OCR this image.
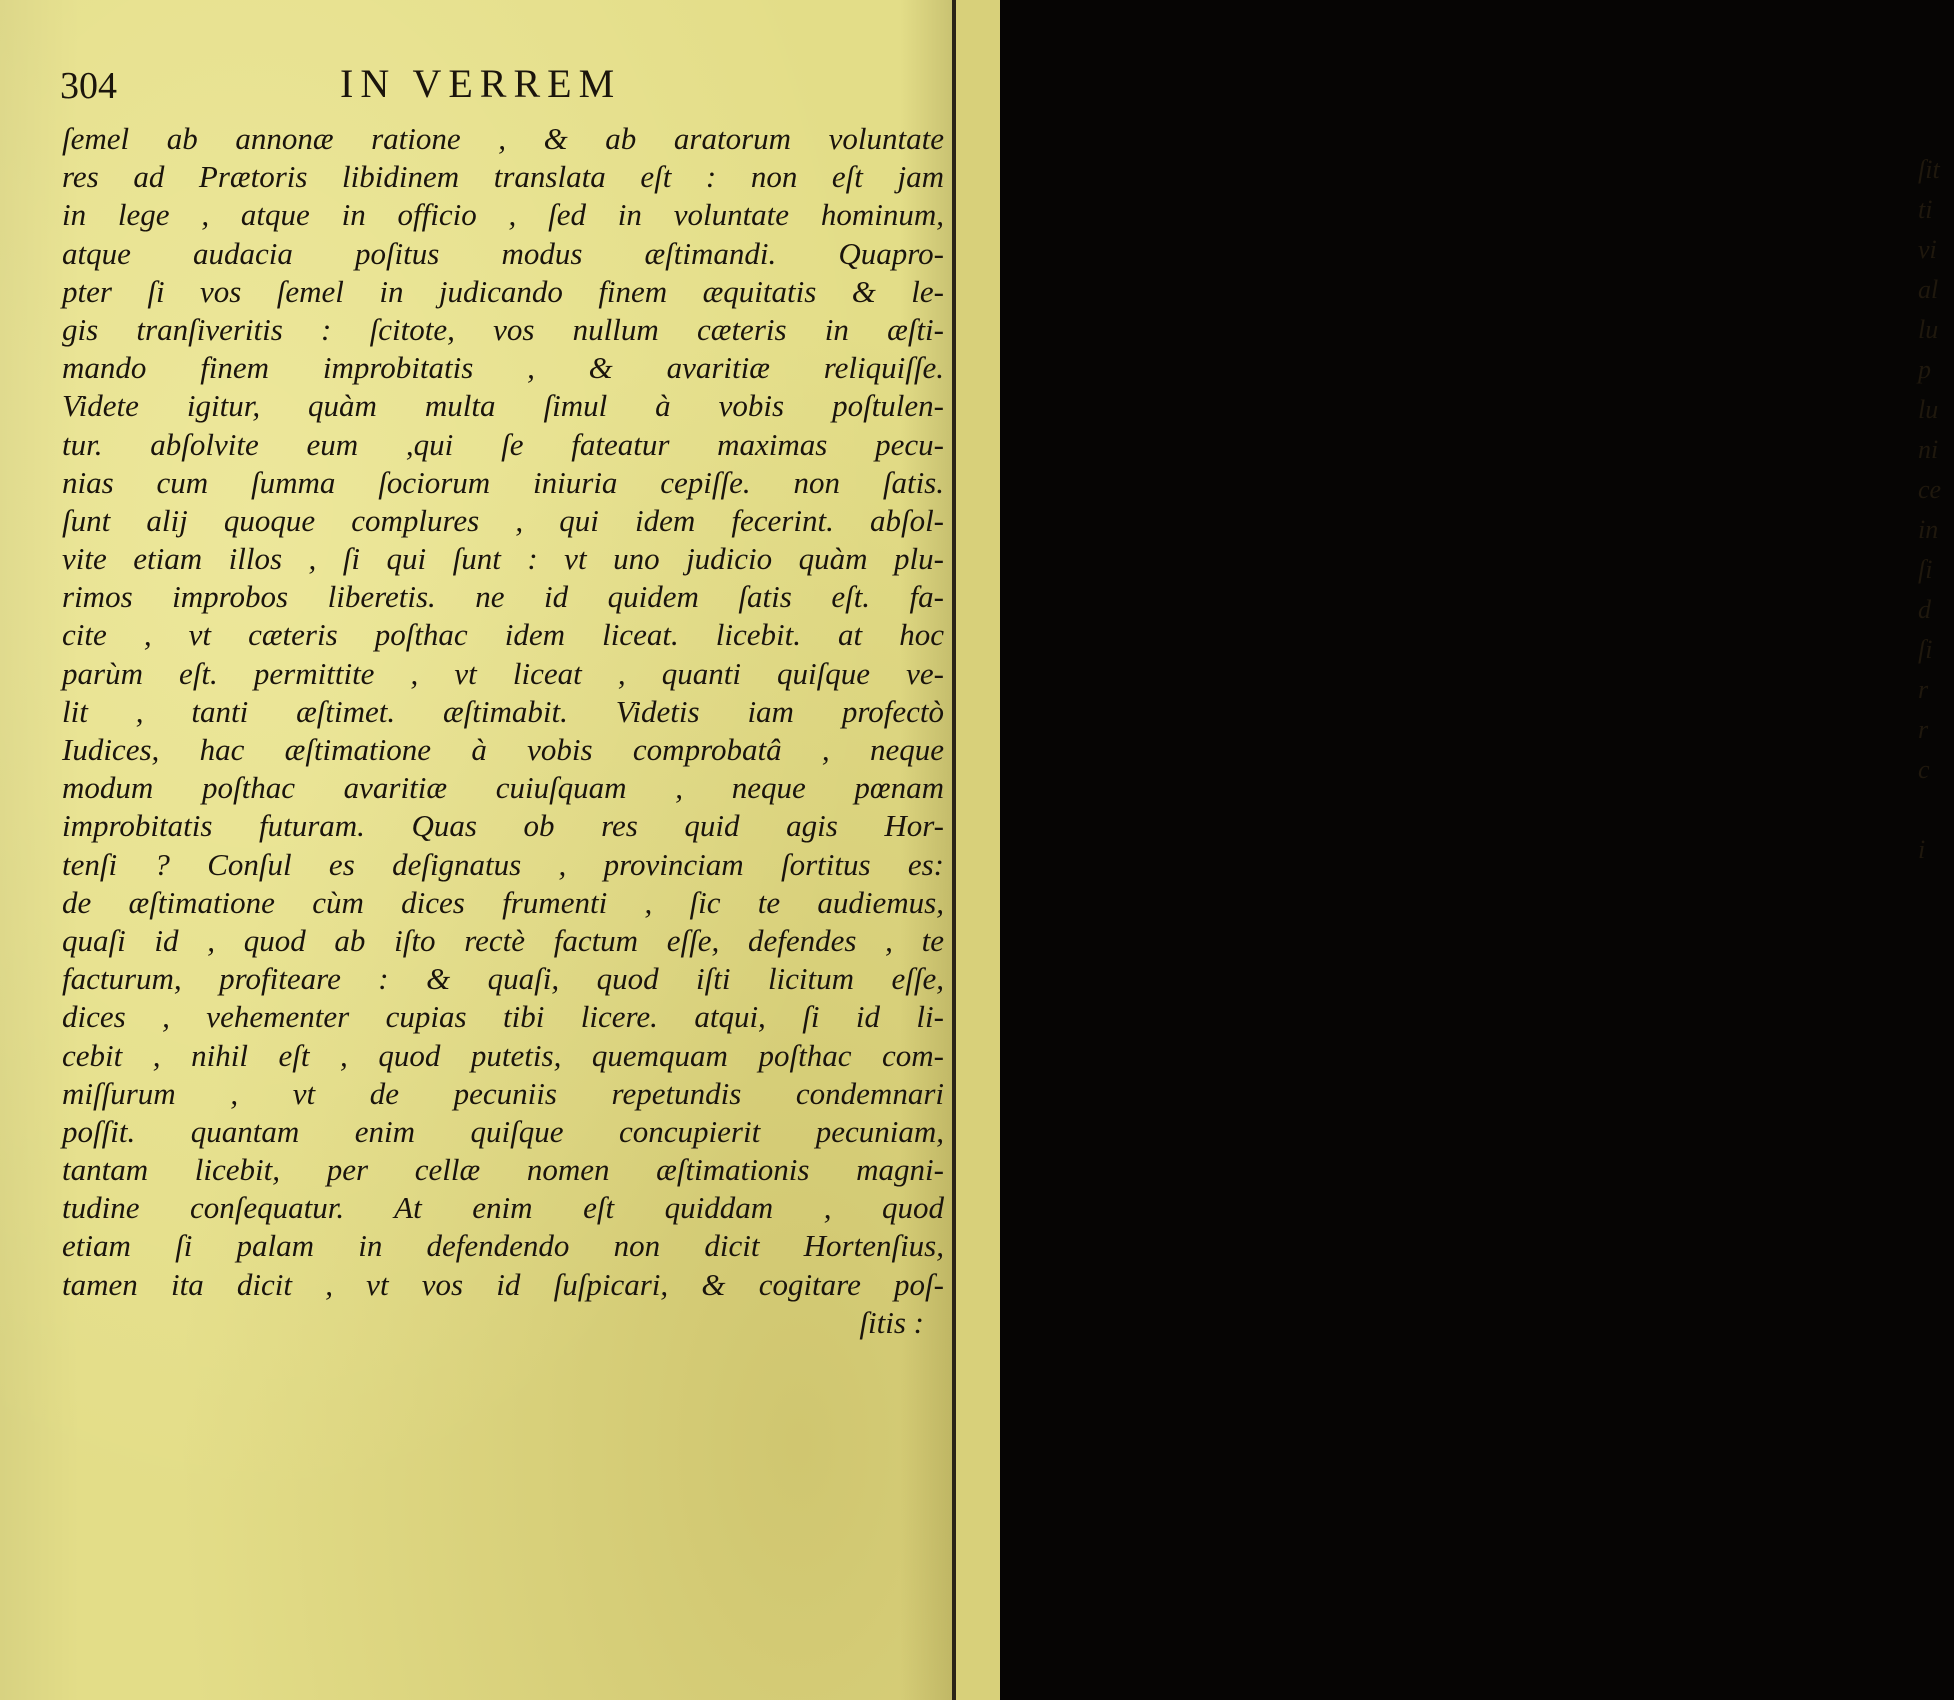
ſit
ti
vi
al
lu
p
lu
ni
ce
in
ſi
d
ſi
r
r
c
i
304	IN VERREM
ſemel ab annonæ ratione , & ab aratorum voluntate
res ad Prætoris libidinem translata eſt : non eſt jam
in lege , atque in officio , ſed in voluntate hominum,
atque audacia poſitus modus æſtimandi. Quapro-
pter ſi vos ſemel in judicando finem æquitatis & le-
gis tranſiveritis : ſcitote, vos nullum cæteris in æſti-
mando finem improbitatis , & avaritiæ reliquiſſe.
Videte igitur, quàm multa ſimul à vobis poſtulen-
tur. abſolvite eum ,qui ſe fateatur maximas pecu-
nias cum ſumma ſociorum iniuria cepiſſe. non ſatis.
ſunt alij quoque complures , qui idem fecerint. abſol-
vite etiam illos , ſi qui ſunt : vt uno judicio quàm plu-
rimos improbos liberetis. ne id quidem ſatis eſt. fa-
cite , vt cæteris poſthac idem liceat. licebit. at hoc
parùm eſt. permittite , vt liceat , quanti quiſque ve-
lit , tanti æſtimet. æſtimabit. Videtis iam profectò
Iudices, hac æſtimatione à vobis comprobatâ , neque
modum poſthac avaritiæ cuiuſquam , neque pœnam
improbitatis futuram. Quas ob res quid agis Hor-
tenſi ? Conſul es deſignatus , provinciam ſortitus es:
de æſtimatione cùm dices frumenti , ſic te audiemus,
quaſi id , quod ab iſto rectè factum eſſe, defendes , te
facturum, profiteare : & quaſi, quod iſti licitum eſſe,
dices , vehementer cupias tibi licere. atqui, ſi id li-
cebit , nihil eſt , quod putetis, quemquam poſthac com-
miſſurum , vt de pecuniis repetundis condemnari
poſſit. quantam enim quiſque concupierit pecuniam,
tantam licebit, per cellæ nomen æſtimationis magni-
tudine conſequatur. At enim eſt quiddam , quod
etiam ſi palam in defendendo non dicit Hortenſius,
tamen ita dicit , vt vos id ſuſpicari, & cogitare poſ-
ſitis :
